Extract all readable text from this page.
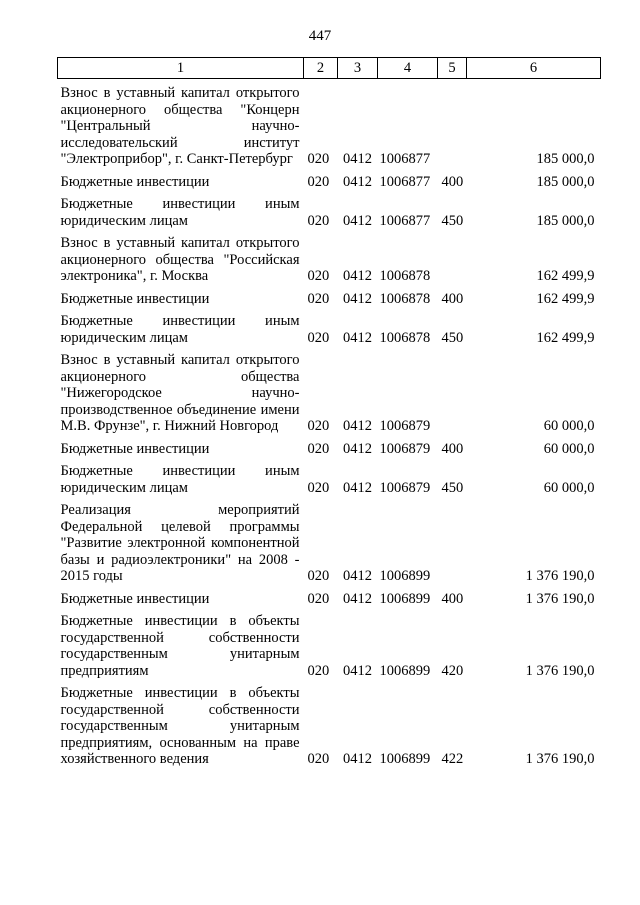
447
1	2	3	4	5	6

Взнос в уставный капитал открытого акционерного общества "Концерн "Центральный научно-исследовательский институт "Электроприбор", г. Санкт-Петербург	020	0412	1006877		185 000,0

Бюджетные инвестиции	020	0412	1006877	400	185 000,0

Бюджетные инвестиции иным юридическим лицам	020	0412	1006877	450	185 000,0

Взнос в уставный капитал открытого акционерного общества "Российская электроника", г. Москва	020	0412	1006878		162 499,9

Бюджетные инвестиции	020	0412	1006878	400	162 499,9

Бюджетные инвестиции иным юридическим лицам	020	0412	1006878	450	162 499,9

Взнос в уставный капитал открытого акционерного общества "Нижегородское научно-производственное объединение имени М.В. Фрунзе", г. Нижний Новгород	020	0412	1006879		60 000,0

Бюджетные инвестиции	020	0412	1006879	400	60 000,0

Бюджетные инвестиции иным юридическим лицам	020	0412	1006879	450	60 000,0

Реализация мероприятий Федеральной целевой программы "Развитие электронной компонентной базы и радиоэлектроники" на 2008 - 2015 годы	020	0412	1006899		1 376 190,0

Бюджетные инвестиции	020	0412	1006899	400	1 376 190,0

Бюджетные инвестиции в объекты государственной собственности государственным унитарным предприятиям	020	0412	1006899	420	1 376 190,0

Бюджетные инвестиции в объекты государственной собственности государственным унитарным предприятиям, основанным на праве хозяйственного ведения	020	0412	1006899	422	1 376 190,0
